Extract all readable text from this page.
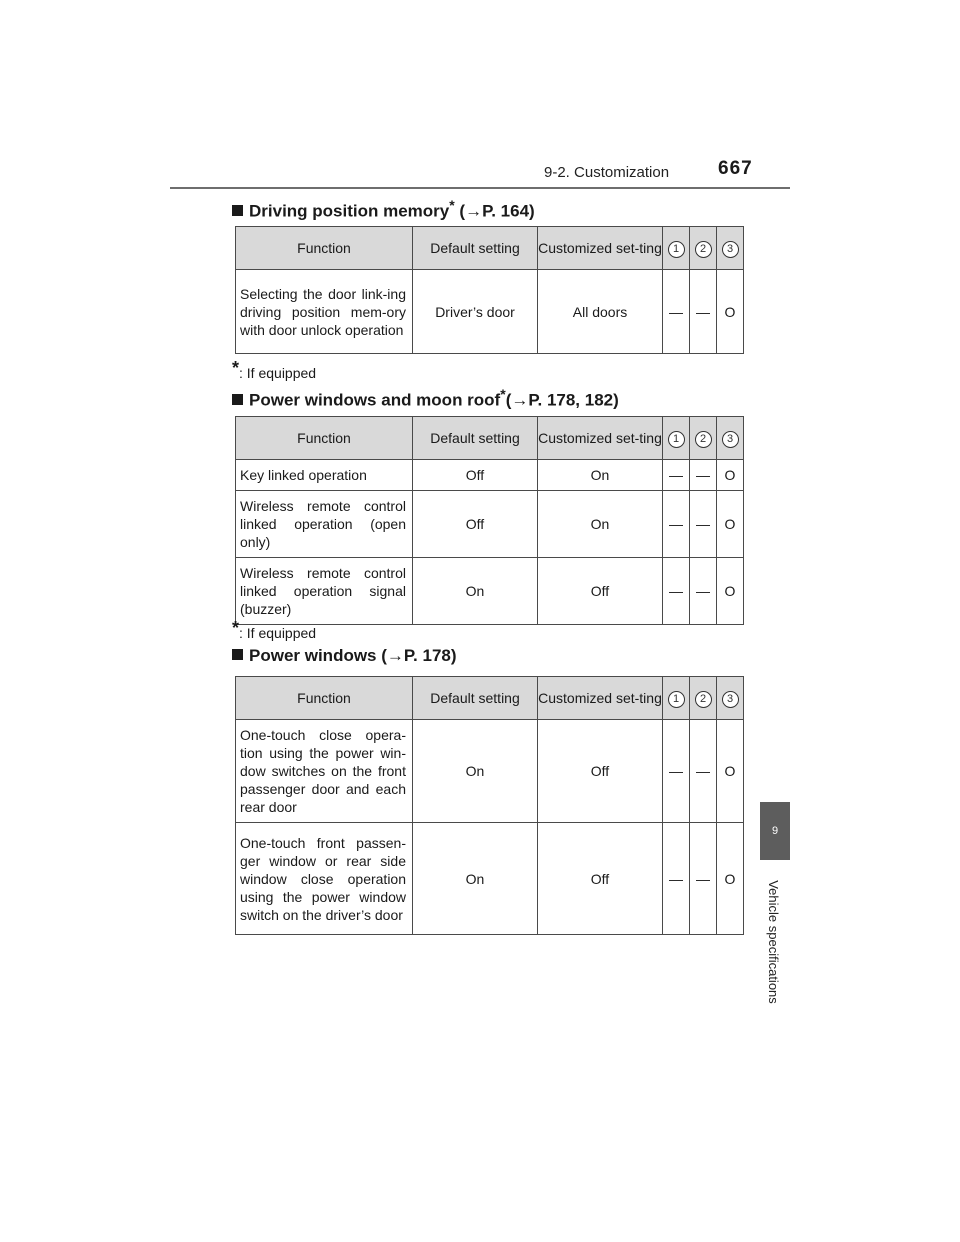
9-2. Customization	667
9
Vehicle specifications
Driving position memory* (→P. 164)
Function	Default setting	Customized set-ting	1	2	3
Selecting the door link-ing driving position mem-ory with door unlock operation	Driver’s door	All doors	—	—	O
*: If equipped
Power windows and moon roof*(→P. 178, 182)
Function	Default setting	Customized set-ting	1	2	3
Key linked operation	Off	On	—	—	O
Wireless remote control linked operation (open only)	Off	On	—	—	O
Wireless remote control linked operation signal (buzzer)	On	Off	—	—	O
*: If equipped
Power windows (→P. 178)
Function	Default setting	Customized set-ting	1	2	3
One-touch close opera-tion using the power win-dow switches on the front passenger door and each rear door	On	Off	—	—	O
One-touch front passen-ger window or rear side window close operation using the power window switch on the driver’s door	On	Off	—	—	O
